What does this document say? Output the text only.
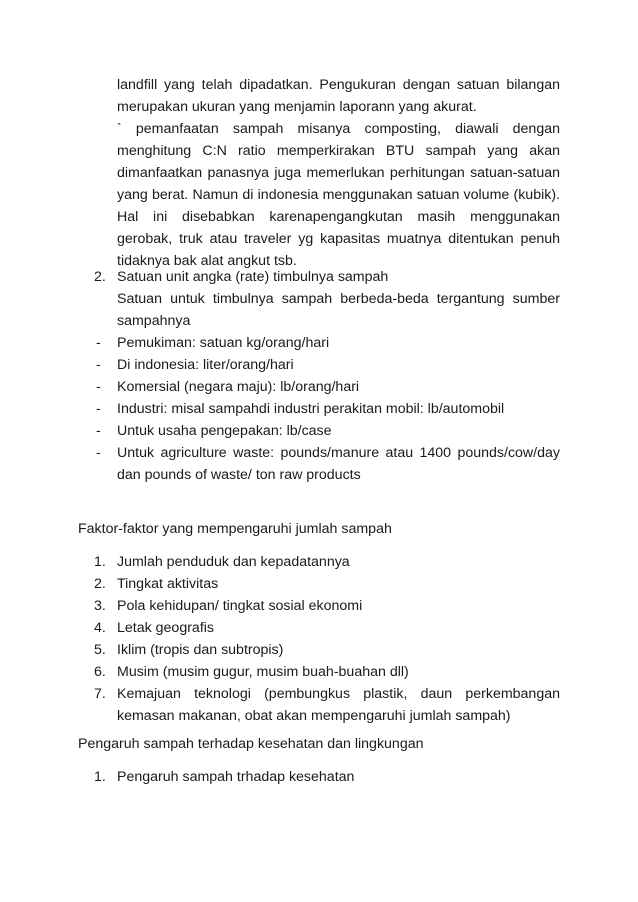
landfill yang telah dipadatkan. Pengukuran dengan satuan bilangan merupakan ukuran yang menjamin laporann yang akurat.

` pemanfaatan sampah misanya composting, diawali dengan menghitung C:N ratio memperkirakan BTU sampah yang akan dimanfaatkan panasnya juga memerlukan perhitungan satuan-satuan yang berat. Namun di indonesia menggunakan satuan volume (kubik). Hal ini disebabkan karenapengangkutan masih menggunakan gerobak, truk atau traveler yg kapasitas muatnya ditentukan penuh tidaknya bak alat angkut tsb.

2. Satuan unit angka (rate) timbulnya sampah
Satuan untuk timbulnya sampah berbeda-beda tergantung sumber sampahnya
- Pemukiman: satuan kg/orang/hari
- Di indonesia: liter/orang/hari
- Komersial (negara maju): lb/orang/hari
- Industri: misal sampahdi industri perakitan mobil: lb/automobil
- Untuk usaha pengepakan: lb/case
- Untuk agriculture waste: pounds/manure atau 1400 pounds/cow/day dan pounds of waste/ ton raw products
Faktor-faktor yang mempengaruhi jumlah sampah
1. Jumlah penduduk dan kepadatannya
2. Tingkat aktivitas
3. Pola kehidupan/ tingkat sosial ekonomi
4. Letak geografis
5. Iklim (tropis dan subtropis)
6. Musim (musim gugur, musim buah-buahan dll)
7. Kemajuan teknologi (pembungkus plastik, daun perkembangan kemasan makanan, obat akan mempengaruhi jumlah sampah)
Pengaruh sampah terhadap kesehatan dan lingkungan
1. Pengaruh sampah trhadap kesehatan
